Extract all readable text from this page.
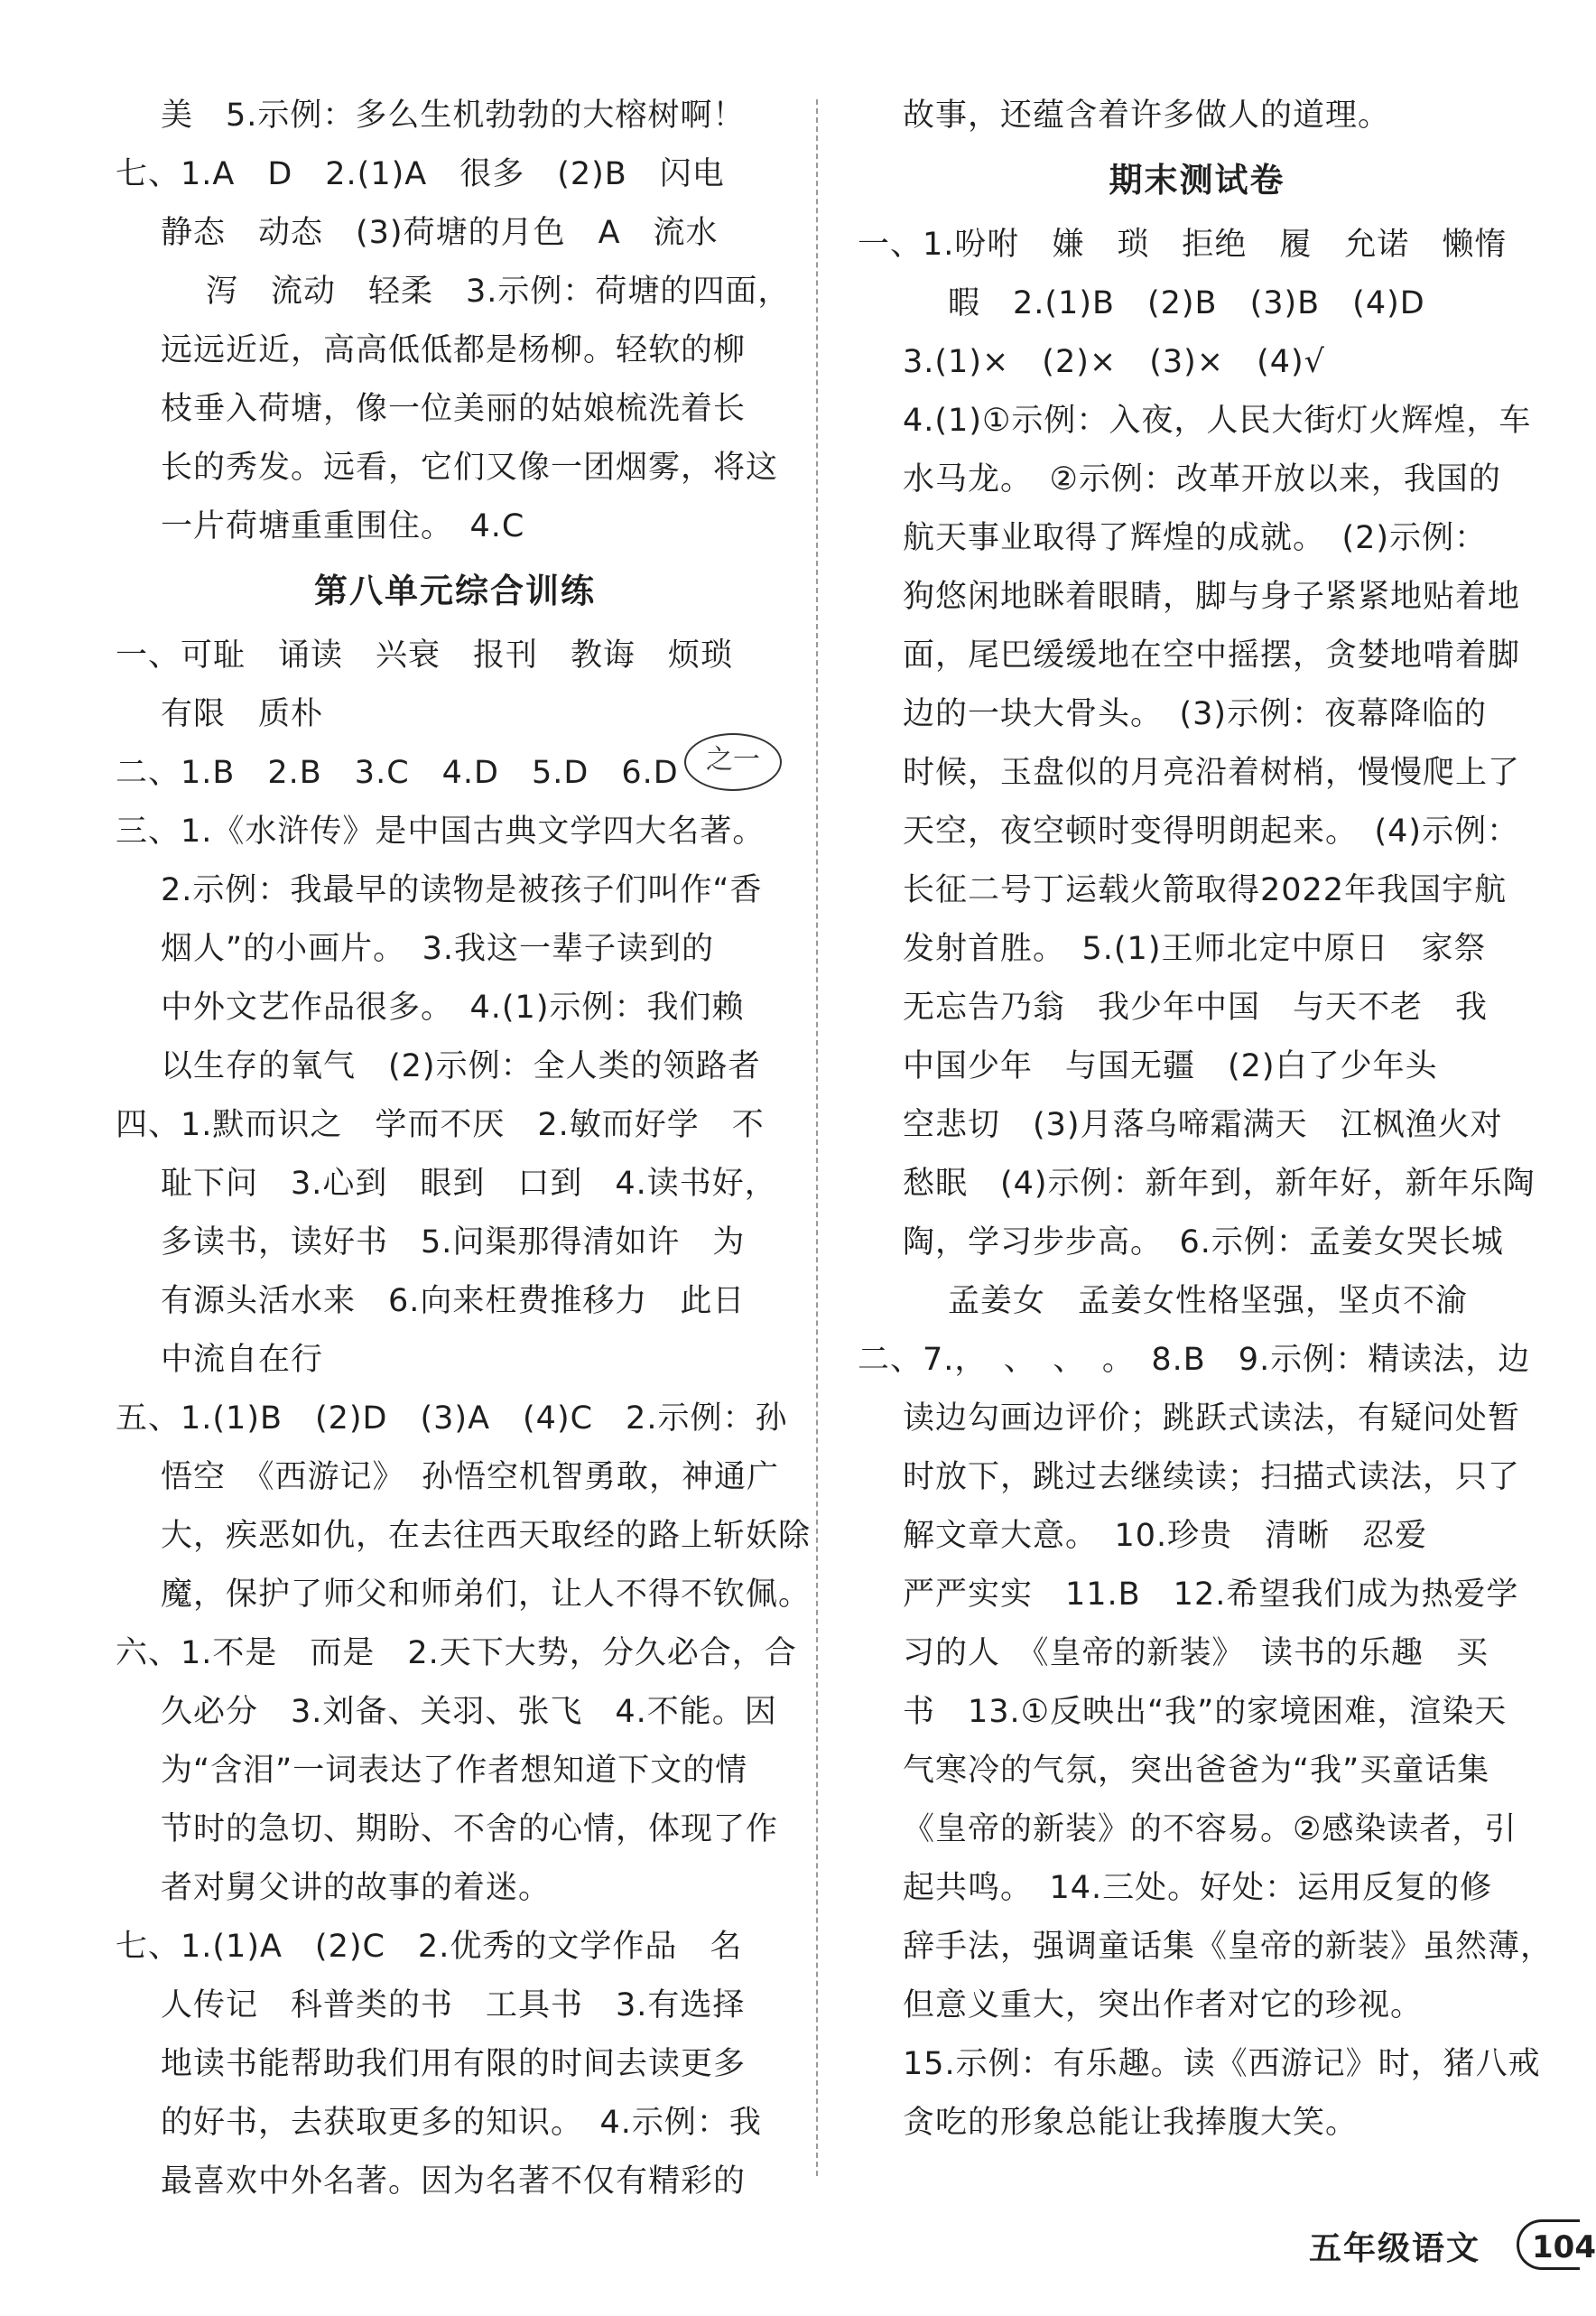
美　5.示例：多么生机勃勃的大榕树啊！
七、1.A　D　2.(1)A　很多　(2)B　闪电
静态　动态　(3)荷塘的月色　A　流水
泻　流动　轻柔　3.示例：荷塘的四面，
远远近近，高高低低都是杨柳。轻软的柳
枝垂入荷塘，像一位美丽的姑娘梳洗着长
长的秀发。远看，它们又像一团烟雾，将这
一片荷塘重重围住。　4.C
第八单元综合训练
一、可耻　诵读　兴衰　报刊　教诲　烦琐
有限　质朴
二、1.B　2.B　3.C　4.D　5.D　6.D
三、1.《水浒传》是中国古典文学四大名著。
2.示例：我最早的读物是被孩子们叫作“香
烟人”的小画片。　3.我这一辈子读到的
中外文艺作品很多。　4.(1)示例：我们赖
以生存的氧气　(2)示例：全人类的领路者
四、1.默而识之　学而不厌　2.敏而好学　不
耻下问　3.心到　眼到　口到　4.读书好，
多读书，读好书　5.问渠那得清如许　为
有源头活水来　6.向来枉费推移力　此日
中流自在行
五、1.(1)B　(2)D　(3)A　(4)C　2.示例：孙
悟空　《西游记》　孙悟空机智勇敢，神通广
大，疾恶如仇，在去往西天取经的路上斩妖除
魔，保护了师父和师弟们，让人不得不钦佩。
六、1.不是　而是　2.天下大势，分久必合，合
久必分　3.刘备、关羽、张飞　4.不能。因
为“含泪”一词表达了作者想知道下文的情
节时的急切、期盼、不舍的心情，体现了作
者对舅父讲的故事的着迷。
七、1.(1)A　(2)C　2.优秀的文学作品　名
人传记　科普类的书　工具书　3.有选择
地读书能帮助我们用有限的时间去读更多
的好书，去获取更多的知识。　4.示例：我
最喜欢中外名著。因为名著不仅有精彩的
故事，还蕴含着许多做人的道理。
期末测试卷
一、1.吩咐　嫌　琐　拒绝　履　允诺　懒惰
暇　2.(1)B　(2)B　(3)B　(4)D
3.(1)×　(2)×　(3)×　(4)√
4.(1)①示例：入夜，人民大街灯火辉煌，车
水马龙。　②示例：改革开放以来，我国的
航天事业取得了辉煌的成就。　(2)示例：
狗悠闲地眯着眼睛，脚与身子紧紧地贴着地
面，尾巴缓缓地在空中摇摆，贪婪地啃着脚
边的一块大骨头。　(3)示例：夜幕降临的
时候，玉盘似的月亮沿着树梢，慢慢爬上了
天空，夜空顿时变得明朗起来。　(4)示例：
长征二号丁运载火箭取得2022年我国宇航
发射首胜。　5.(1)王师北定中原日　家祭
无忘告乃翁　我少年中国　与天不老　我
中国少年　与国无疆　(2)白了少年头
空悲切　(3)月落乌啼霜满天　江枫渔火对
愁眠　(4)示例：新年到，新年好，新年乐陶
陶，学习步步高。　6.示例：孟姜女哭长城
孟姜女　孟姜女性格坚强，坚贞不渝
二、7.，　、　、　。　8.B　9.示例：精读法，边
读边勾画边评价；跳跃式读法，有疑问处暂
时放下，跳过去继续读；扫描式读法，只了
解文章大意。　10.珍贵　清晰　忍爱
严严实实　11.B　12.希望我们成为热爱学
习的人　《皇帝的新装》　读书的乐趣　买
书　13.①反映出“我”的家境困难，渲染天
气寒冷的气氛，突出爸爸为“我”买童话集
《皇帝的新装》的不容易。②感染读者，引
起共鸣。　14.三处。好处：运用反复的修
辞手法，强调童话集《皇帝的新装》虽然薄，
但意义重大，突出作者对它的珍视。
15.示例：有乐趣。读《西游记》时，猪八戒
贪吃的形象总能让我捧腹大笑。
之一
五年级语文	104
